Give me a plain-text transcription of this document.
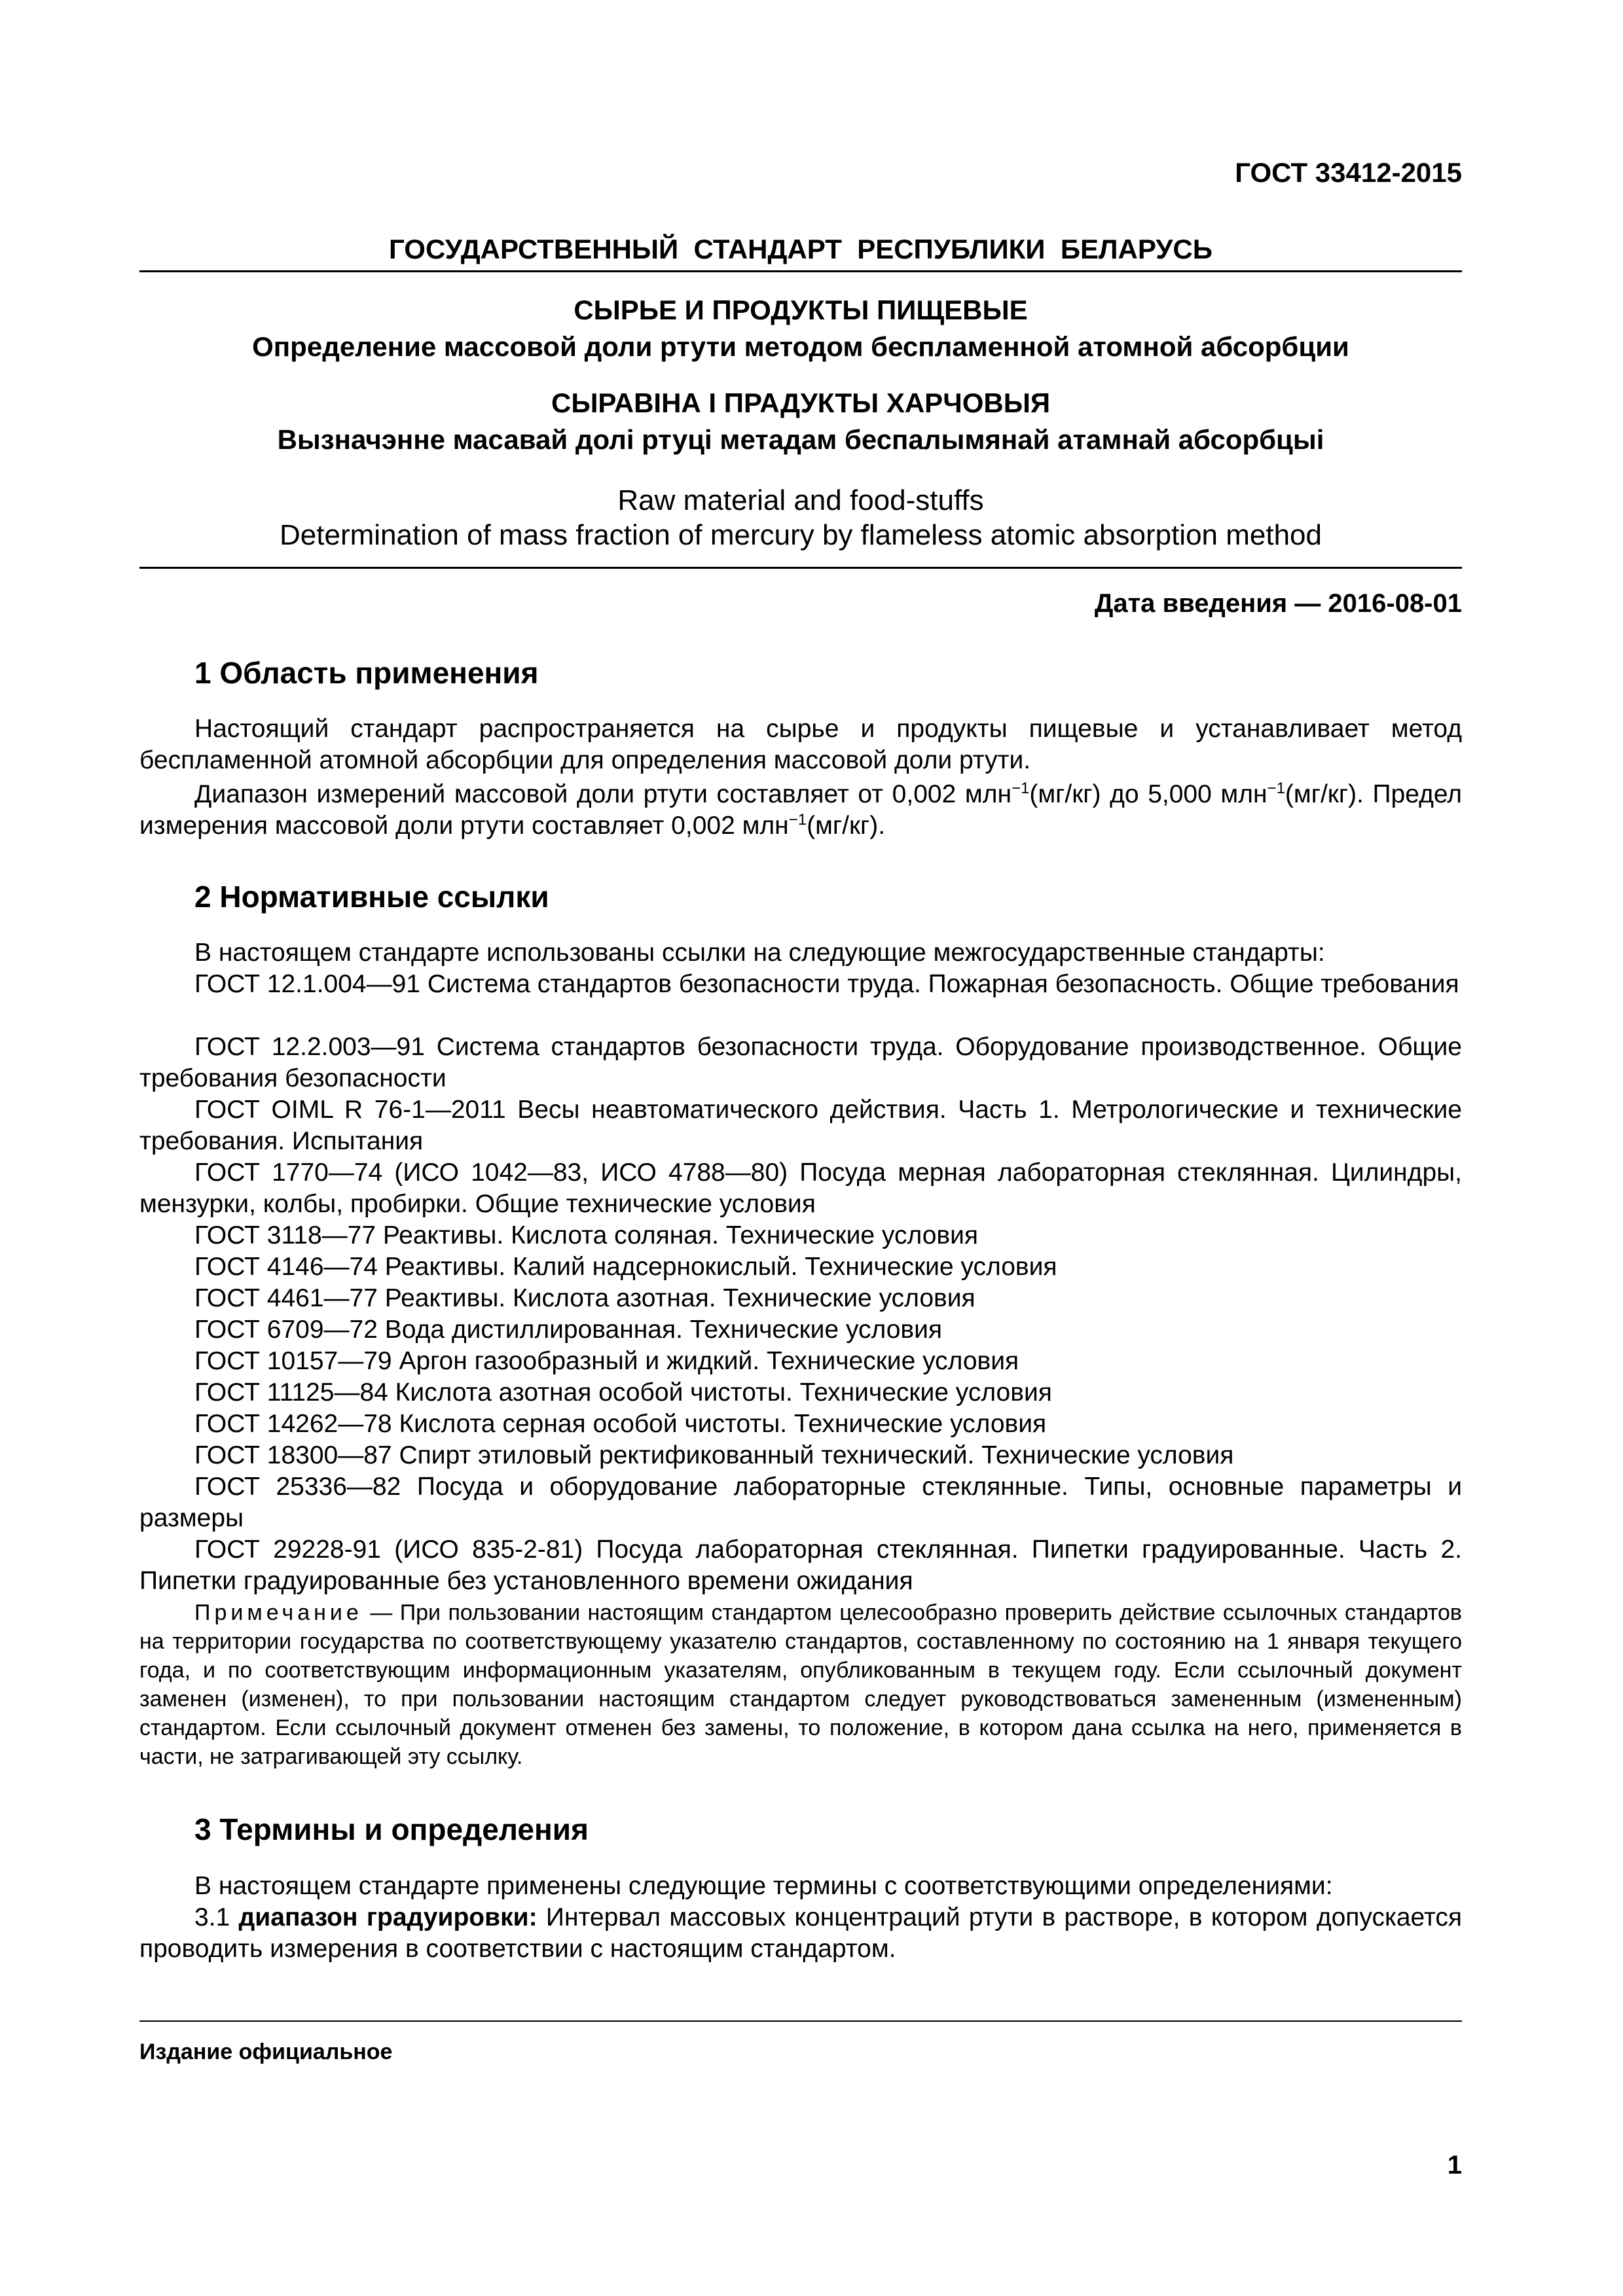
ГОСТ 33412-2015
ГОСУДАРСТВЕННЫЙ  СТАНДАРТ  РЕСПУБЛИКИ  БЕЛАРУСЬ
СЫРЬЕ И ПРОДУКТЫ ПИЩЕВЫЕ
Определение массовой доли ртути методом беспламенной атомной абсорбции
СЫРАВІНА І ПРАДУКТЫ ХАРЧОВЫЯ
Вызначэнне масавай долі ртуці метадам беспалымянай атамнай абсорбцыі
Raw material and food-stuffs
Determination of mass fraction of mercury by flameless atomic absorption method
Дата введения — 2016-08-01
1 Область применения
Настоящий стандарт распространяется на сырье и продукты пищевые и устанавливает метод беспламенной атомной абсорбции для определения массовой доли ртути.
Диапазон измерений массовой доли ртути составляет от 0,002 млн$^{-1}$(мг/кг) до 5,000 млн$^{-1}$(мг/кг). Предел измерения массовой доли ртути составляет 0,002 млн$^{-1}$(мг/кг).
2 Нормативные ссылки
В настоящем стандарте использованы ссылки на следующие межгосударственные стандарты:
ГОСТ 12.1.004—91 Система стандартов безопасности труда. Пожарная безопасность. Общие требования
ГОСТ 12.2.003—91 Система стандартов безопасности труда. Оборудование производственное. Общие требования безопасности
ГОСТ OIML R 76-1—2011 Весы неавтоматического действия. Часть 1. Метрологические и технические требования. Испытания
ГОСТ 1770—74 (ИСО 1042—83, ИСО 4788—80) Посуда мерная лабораторная стеклянная. Цилиндры, мензурки, колбы, пробирки. Общие технические условия
ГОСТ 3118—77 Реактивы. Кислота соляная. Технические условия
ГОСТ 4146—74 Реактивы. Калий надсернокислый. Технические условия
ГОСТ 4461—77 Реактивы. Кислота азотная. Технические условия
ГОСТ 6709—72 Вода дистиллированная. Технические условия
ГОСТ 10157—79 Аргон газообразный и жидкий. Технические условия
ГОСТ 11125—84 Кислота азотная особой чистоты. Технические условия
ГОСТ 14262—78 Кислота серная особой чистоты. Технические условия
ГОСТ 18300—87 Спирт этиловый ректификованный технический. Технические условия
ГОСТ 25336—82 Посуда и оборудование лабораторные стеклянные. Типы, основные параметры и размеры
ГОСТ 29228-91 (ИСО 835-2-81) Посуда лабораторная стеклянная. Пипетки градуированные. Часть 2. Пипетки градуированные без установленного времени ожидания
Примечание — При пользовании настоящим стандартом целесообразно проверить действие ссылочных стандартов на территории государства по соответствующему указателю стандартов, составленному по состоянию на 1 января текущего года, и по соответствующим информационным указателям, опубликованным в текущем году. Если ссылочный документ заменен (изменен), то при пользовании настоящим стандартом следует руководствоваться замененным (измененным) стандартом. Если ссылочный документ отменен без замены, то положение, в котором дана ссылка на него, применяется в части, не затрагивающей эту ссылку.
3 Термины и определения
В настоящем стандарте применены следующие термины с соответствующими определениями:
3.1 диапазон градуировки: Интервал массовых концентраций ртути в растворе, в котором допускается проводить измерения в соответствии с настоящим стандартом.
Издание официальное
1
